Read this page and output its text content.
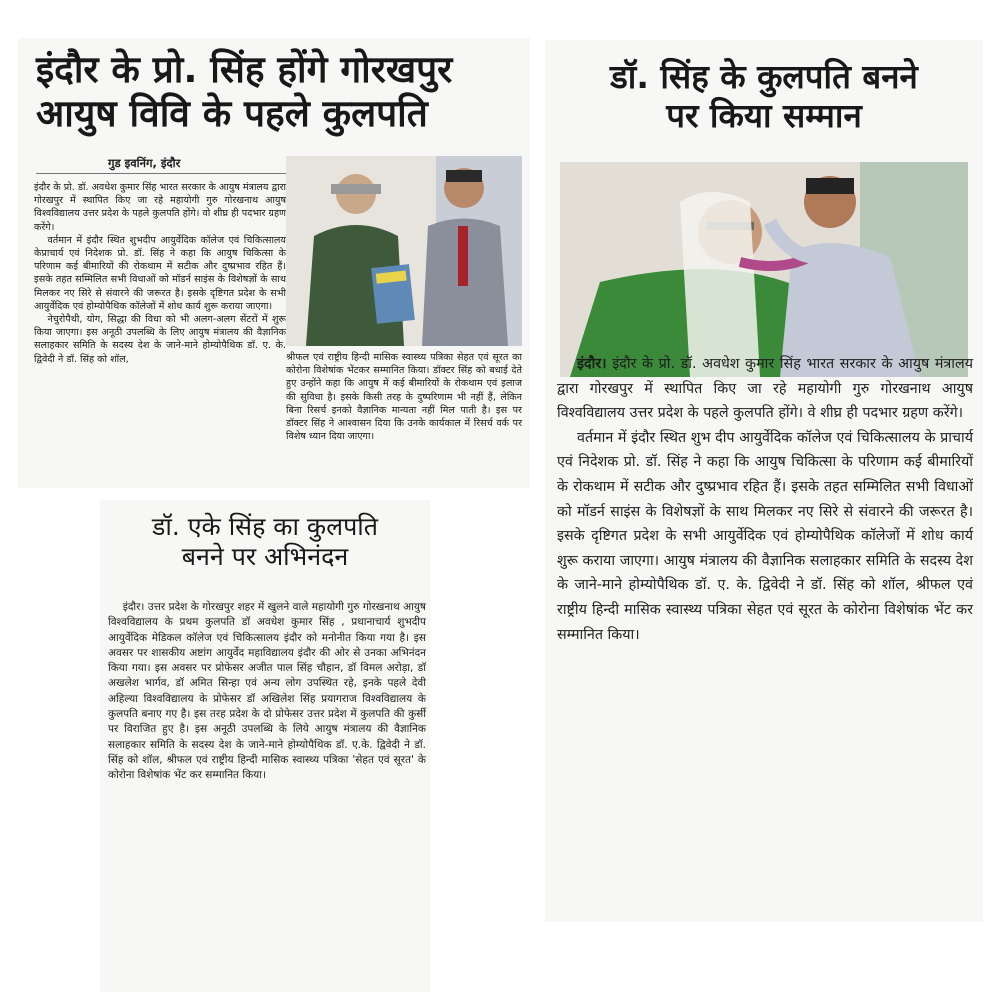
इंदौर के प्रो. सिंह होंगे गोरखपुर आयुष विवि के पहले कुलपति
गुड इवनिंग, इंदौर

इंदौर के प्रो. डॉ. अवधेश कुमार सिंह भारत सरकार के आयुष मंत्रालय द्वारा गोरखपुर में स्थापित किए जा रहे महायोगी गुरु गोरखनाथ आयुष विश्वविद्यालय उत्तर प्रदेश के पहले कुलपति होंगे। वो शीघ्र ही पदभार ग्रहण करेंगे।

वर्तमान में इंदौर स्थित शुभदीप आयुर्वेदिक कॉलेज एवं चिकित्सालय केप्राचार्य एवं निदेशक प्रो. डॉ. सिंह ने कहा कि आयुष चिकित्सा के परिणाम कई बीमारियों की रोकथाम में सटीक और दुष्प्रभाव रहित हैं। इसके तहत सम्मिलित सभी विधाओं को मॉडर्न साइंस के विशेषज्ञों के साथ मिलकर नए सिरे से संवारने की जरूरत है। इसके दृष्टिगत प्रदेश के सभी आयुर्वेदिक एवं होम्योपैथिक कॉलेजों में शोध कार्य शुरू कराया जाएगा।

नेचुरोपैथी, योग, सिद्धा की विधा को भी अलग-अलग सेंटरों में शुरू किया जाएगा। इस अनूठी उपलब्धि के लिए आयुष मंत्रालय की वैज्ञानिक सलाहकार समिति के सदस्य देश के जाने-माने होम्योपैथिक डॉ. ए. के. द्विवेदी ने डॉ. सिंह को शॉल,	श्रीफल एवं राष्ट्रीय हिन्दी मासिक स्वास्थ्य पत्रिका सेहत एवं सूरत का कोरोना विशेषांक भेंटकर सम्मानित किया। डॉक्टर सिंह को बधाई देते हुए उन्होंने कहा कि आयुष में कई बीमारियों के रोकथाम एवं इलाज की सुविधा है। इसके किसी तरह के दुष्परिणाम भी नहीं हैं, लेकिन बिना रिसर्च इनको वैज्ञानिक मान्यता नहीं मिल पाती है। इस पर डॉक्टर सिंह ने आश्वासन दिया कि उनके कार्यकाल में रिसर्च वर्क पर विशेष ध्यान दिया जाएगा।

डॉ. एके सिंह का कुलपति
बनने पर अभिनंदन

इंदौर। उत्तर प्रदेश के गोरखपुर शहर में खुलने वाले महायोगी गुरु गोरखनाथ आयुष विश्वविद्यालय के प्रथम कुलपति डॉ अवधेश कुमार सिंह , प्रधानाचार्य शुभदीप आयुर्वेदिक मेडिकल कॉलेज एवं चिकित्सालय इंदौर को मनोनीत किया गया है। इस अवसर पर शासकीय अष्टांग आयुर्वेद महाविद्यालय इंदौर की ओर से उनका अभिनंदन किया गया। इस अवसर पर प्रोफेसर अजीत पाल सिंह चौहान, डॉ विमल अरोड़ा, डॉ अखलेश भार्गव, डॉ अमित सिन्हा एवं अन्य लोग उपस्थित रहे, इनके पहले देवी अहिल्या विश्वविद्यालय के प्रोफेसर डॉ अखिलेश सिंह प्रयागराज विश्वविद्यालय के कुलपति बनाए गए है। इस तरह प्रदेश के दो प्रोफेसर उत्तर प्रदेश में कुलपति की कुर्सी पर विराजित हुए है। इस अनूठी उपलब्धि के लिये आयुष मंत्रालय की वैज्ञानिक सलाहकार समिति के सदस्य देश के जाने-माने होम्योपैथिक डॉ. ए.के. द्विवेदी ने डॉ. सिंह को शॉल, श्रीफल एवं राष्ट्रीय हिन्दी मासिक स्वास्थ्य पत्रिका 'सेहत एवं सूरत' के कोरोना विशेषांक भेंट कर सम्मानित किया।

डॉ. सिंह के कुलपति बनने
पर किया सम्मान

इंदौर। इंदौर के प्रो. डॉ. अवधेश कुमार सिंह भारत सरकार के आयुष मंत्रालय द्वारा गोरखपुर में स्थापित किए जा रहे महायोगी गुरु गोरखनाथ आयुष विश्वविद्यालय उत्तर प्रदेश के पहले कुलपति होंगे। वे शीघ्र ही पदभार ग्रहण करेंगे।

वर्तमान में इंदौर स्थित शुभ दीप आयुर्वेदिक कॉलेज एवं चिकित्सालय के प्राचार्य एवं निदेशक प्रो. डॉ. सिंह ने कहा कि आयुष चिकित्सा के परिणाम कई बीमारियों के रोकथाम में सटीक और दुष्प्रभाव रहित हैं। इसके तहत सम्मिलित सभी विधाओं को मॉडर्न साइंस के विशेषज्ञों के साथ मिलकर नए सिरे से संवारने की जरूरत है। इसके दृष्टिगत प्रदेश के सभी आयुर्वेदिक एवं होम्योपैथिक कॉलेजों में शोध कार्य शुरू कराया जाएगा। आयुष मंत्रालय की वैज्ञानिक सलाहकार समिति के सदस्य देश के जाने-माने होम्योपैथिक डॉ. ए. के. द्विवेदी ने डॉ. सिंह को शॉल, श्रीफल एवं राष्ट्रीय हिन्दी मासिक स्वास्थ्य पत्रिका सेहत एवं सूरत के कोरोना विशेषांक भेंट कर सम्मानित किया।
